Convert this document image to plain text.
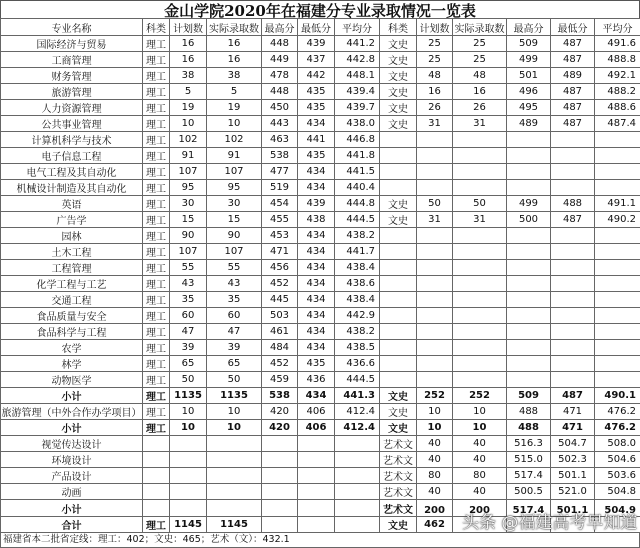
金山学院2020年在福建分专业录取情况一览表
专业名称	科类	计划数	实际录取数	最高分	最低分	平均分	科类	计划数	实际录取数	最高分	最低分	平均分
国际经济与贸易	理工	16	16	448	439	441.2	文史	25	25	509	487	491.6
工商管理	理工	16	16	449	437	442.8	文史	25	25	499	487	488.8
财务管理	理工	38	38	478	442	448.1	文史	48	48	501	489	492.1
旅游管理	理工	5	5	448	435	439.4	文史	16	16	496	487	488.2
人力资源管理	理工	19	19	450	435	439.7	文史	26	26	495	487	488.6
公共事业管理	理工	10	10	443	434	438.0	文史	31	31	489	487	487.4
计算机科学与技术	理工	102	102	463	441	446.8						
电子信息工程	理工	91	91	538	435	441.8						
电气工程及其自动化	理工	107	107	477	434	441.5						
机械设计制造及其自动化	理工	95	95	519	434	440.4						
英语	理工	30	30	454	439	444.8	文史	50	50	499	488	491.1
广告学	理工	15	15	455	438	444.5	文史	31	31	500	487	490.2
园林	理工	90	90	453	434	438.2						
土木工程	理工	107	107	471	434	441.7						
工程管理	理工	55	55	456	434	438.4						
化学工程与工艺	理工	43	43	452	434	438.6						
交通工程	理工	35	35	445	434	438.4						
食品质量与安全	理工	60	60	503	434	442.9						
食品科学与工程	理工	47	47	461	434	438.2						
农学	理工	39	39	484	434	438.5						
林学	理工	65	65	452	435	436.6						
动物医学	理工	50	50	459	436	444.5						
小计	理工	1135	1135	538	434	441.3	文史	252	252	509	487	490.1
旅游管理（中外合作办学项目）	理工	10	10	420	406	412.4	文史	10	10	488	471	476.2
小计	理工	10	10	420	406	412.4	文史	10	10	488	471	476.2
视觉传达设计							艺术文	40	40	516.3	504.7	508.0
环境设计							艺术文	40	40	515.0	502.3	504.6
产品设计							艺术文	80	80	517.4	501.1	503.6
动画							艺术文	40	40	500.5	521.0	504.8
小计							艺术文	200	200	517.4	501.1	504.9
合计	理工	1145	1145				文史	462				
福建省本二批省定线：理工：402；文史：465；艺术（文）：432.1
头条 @福建高考早知道
